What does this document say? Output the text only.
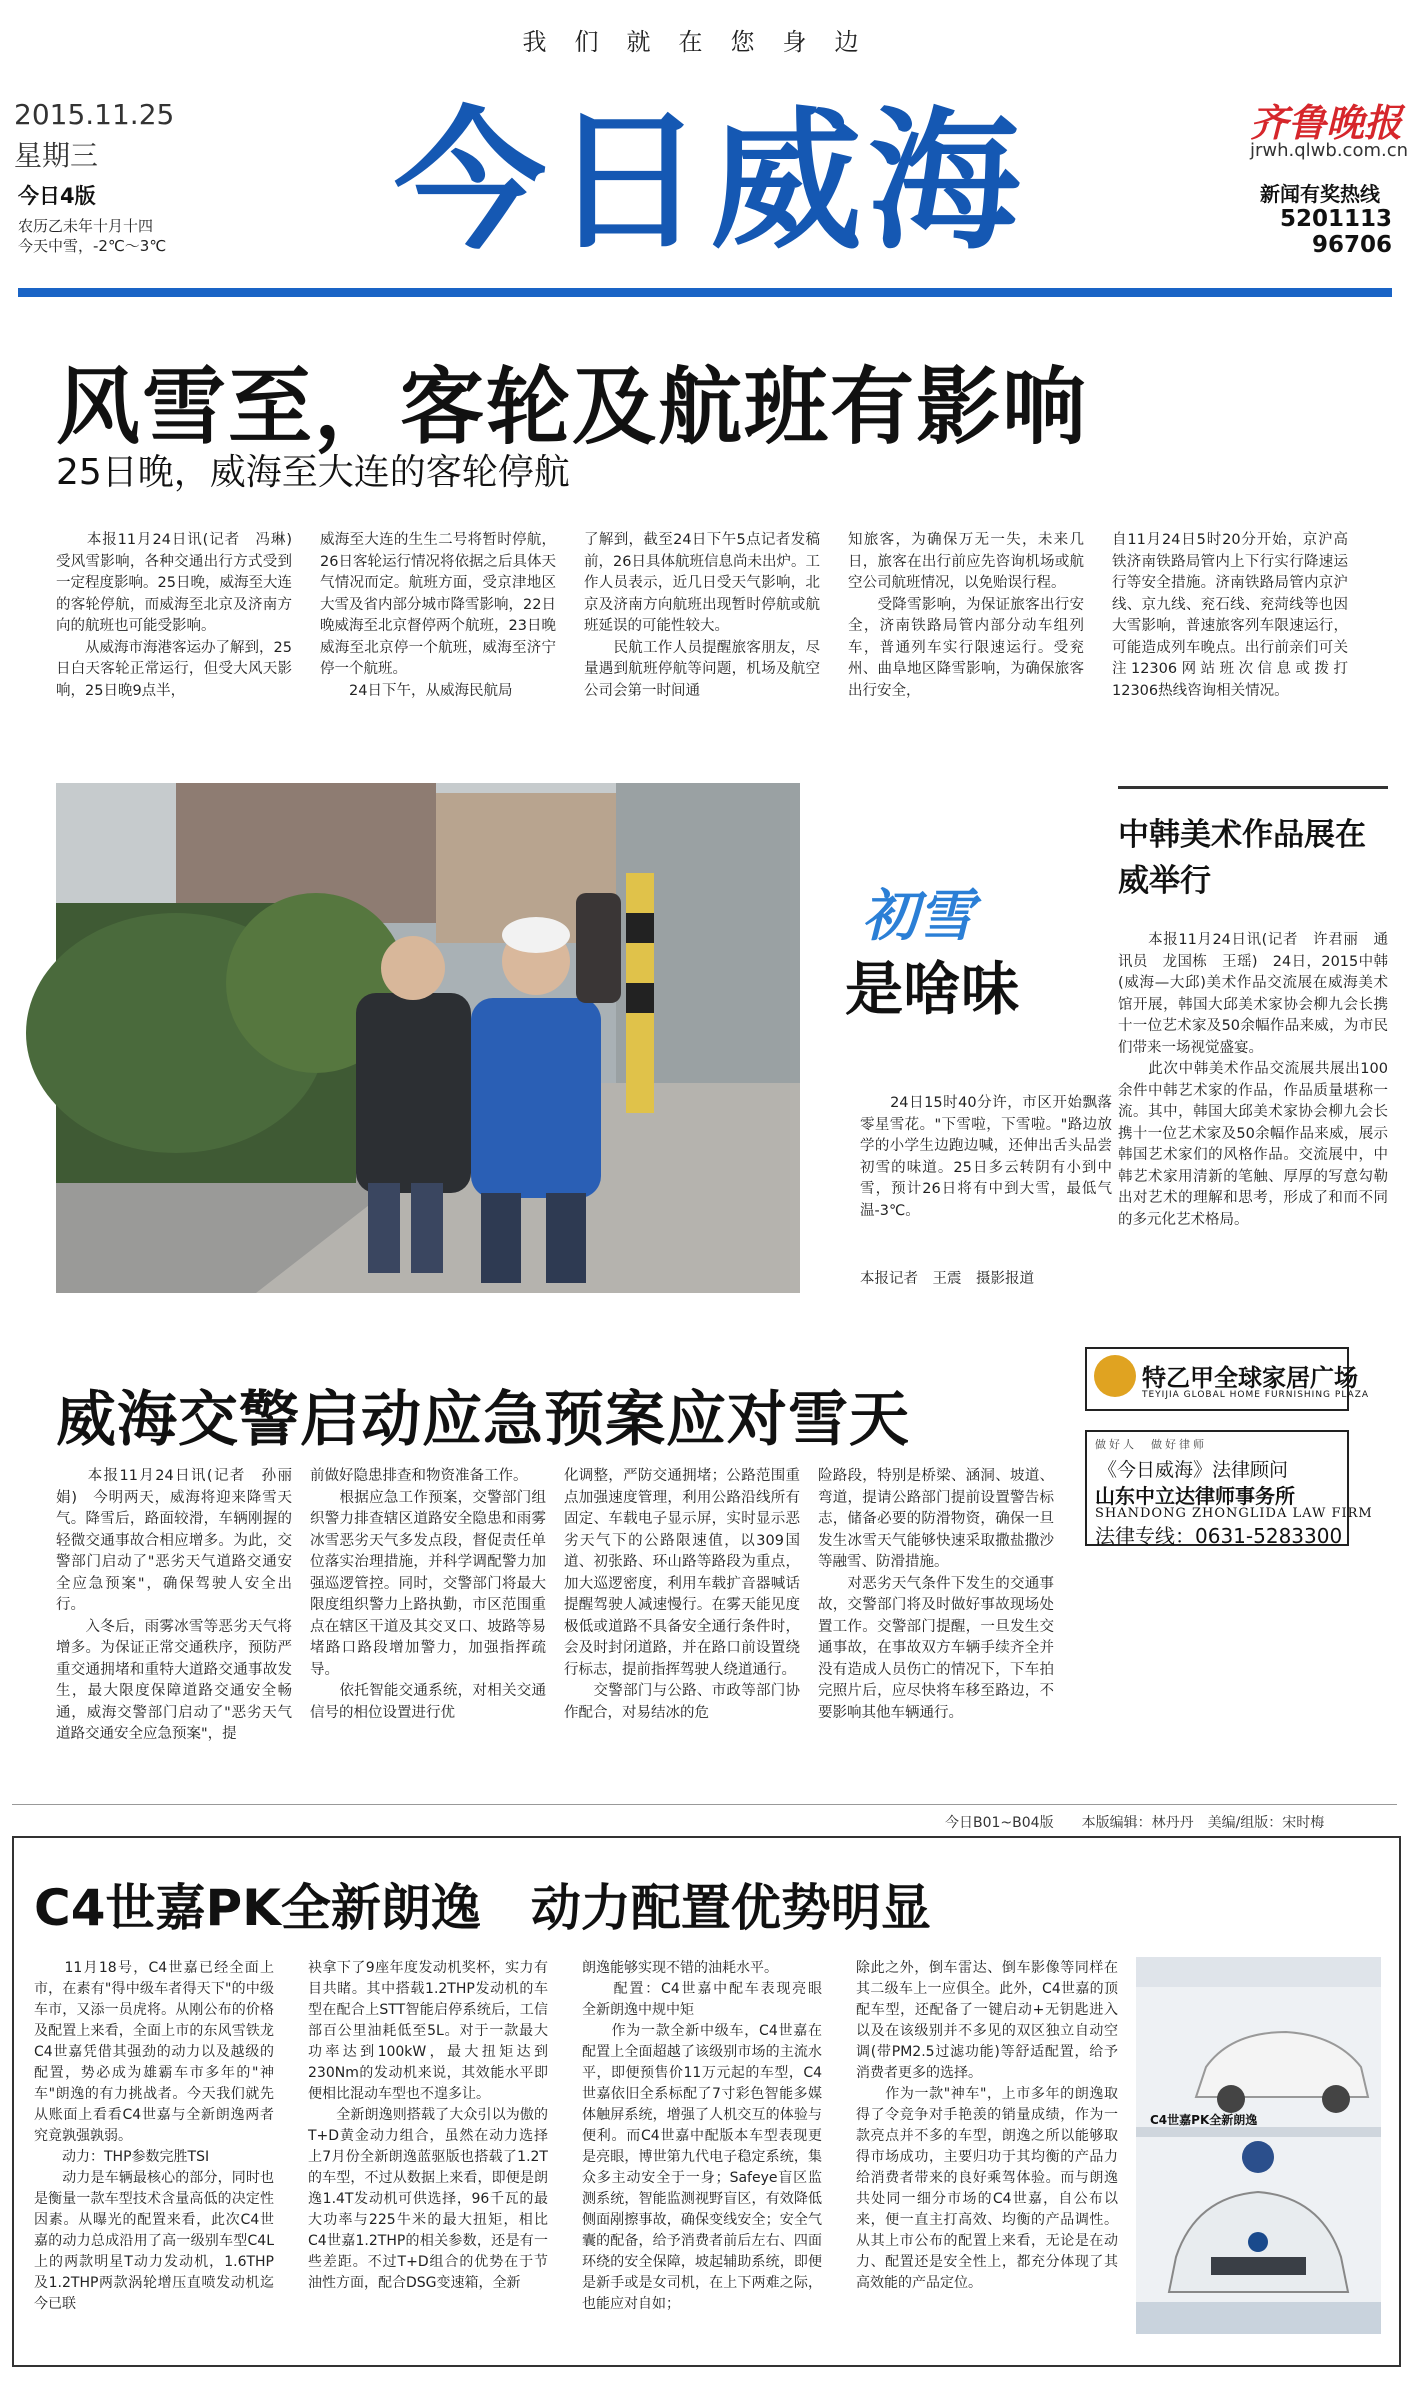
我们就在您身边
2015.11.25
星期三
今日4版
农历乙未年十月十四
今天中雪，-2℃～3℃ 今日威海	齐鲁晚报
jrwh.qlwb.com.cn
新闻有奖热线
5201113
96706
风雪至，客轮及航班有影响
25日晚，威海至大连的客轮停航
　　本报11月24日讯(记者　冯琳)　受风雪影响，各种交通出行方式受到一定程度影响。25日晚，威海至大连的客轮停航，而威海至北京及济南方向的航班也可能受影响。
　　从威海市海港客运办了解到，25日白天客轮正常运行，但受大风天影响，25日晚9点半，
威海至大连的生生二号将暂时停航，26日客轮运行情况将依据之后具体天气情况而定。航班方面，受京津地区大雪及省内部分城市降雪影响，22日晚威海至北京督停两个航班，23日晚威海至北京停一个航班，威海至济宁停一个航班。
　　24日下午，从威海民航局
了解到，截至24日下午5点记者发稿前，26日具体航班信息尚未出炉。工作人员表示，近几日受天气影响，北京及济南方向航班出现暂时停航或航班延误的可能性较大。
　　民航工作人员提醒旅客朋友，尽量遇到航班停航等问题，机场及航空公司会第一时间通
知旅客，为确保万无一失，未来几日，旅客在出行前应先咨询机场或航空公司航班情况，以免贻误行程。
　　受降雪影响，为保证旅客出行安全，济南铁路局管内部分动车组列车，普通列车实行限速运行。受兖州、曲阜地区降雪影响，为确保旅客出行安全，
自11月24日5时20分开始，京沪高铁济南铁路局管内上下行实行降速运行等安全措施。济南铁路局管内京沪线、京九线、兖石线、兖菏线等也因大雪影响，普速旅客列车限速运行，可能造成列车晚点。出行前亲们可关注12306网站班次信息或拨打12306热线咨询相关情况。
初雪
是啥味

　　24日15时40分许，市区开始飘落零星雪花。"下雪啦，下雪啦。"路边放学的小学生边跑边喊，还伸出舌头品尝初雪的味道。25日多云转阴有小到中雪，预计26日将有中到大雪，最低气温-3℃。

本报记者　王震　摄影报道

中韩美术作品展在威举行
　　本报11月24日讯(记者　许君丽　通讯员　龙国栋　王瑶)　24日，2015中韩(威海—大邱)美术作品交流展在威海美术馆开展，韩国大邱美术家协会柳九会长携十一位艺术家及50余幅作品来威，为市民们带来一场视觉盛宴。
　　此次中韩美术作品交流展共展出100余件中韩艺术家的作品，作品质量堪称一流。其中，韩国大邱美术家协会柳九会长携十一位艺术家及50余幅作品来威，展示韩国艺术家们的风格作品。交流展中，中韩艺术家用清新的笔触、厚厚的写意勾勒出对艺术的理解和思考，形成了和而不同的多元化艺术格局。
威海交警启动应急预案应对雪天
　　本报11月24日讯(记者　孙丽娟)　今明两天，威海将迎来降雪天气。降雪后，路面较滑，车辆刚握的轻微交通事故合相应增多。为此，交警部门启动了"恶劣天气道路交通安全应急预案"，确保驾驶人安全出行。
　　入冬后，雨雾冰雪等恶劣天气将增多。为保证正常交通秩序，预防严重交通拥堵和重特大道路交通事故发生，最大限度保障道路交通安全畅通，威海交警部门启动了"恶劣天气道路交通安全应急预案"，提
前做好隐患排查和物资准备工作。
　　根据应急工作预案，交警部门组织警力排查辖区道路安全隐患和雨雾冰雪恶劣天气多发点段，督促责任单位落实治理措施，并科学调配警力加强巡逻管控。同时，交警部门将最大限度组织警力上路执勤，市区范围重点在辖区干道及其交叉口、坡路等易堵路口路段增加警力，加强指挥疏导。
　　依托智能交通系统，对相关交通信号的相位设置进行优
化调整，严防交通拥堵；公路范围重点加强速度管理，利用公路沿线所有固定、车载电子显示屏，实时显示恶劣天气下的公路限速值，以309国道、初张路、环山路等路段为重点，加大巡逻密度，利用车载扩音器喊话提醒驾驶人减速慢行。在雾天能见度极低或道路不具备安全通行条件时，会及时封闭道路，并在路口前设置绕行标志，提前指挥驾驶人绕道通行。
　　交警部门与公路、市政等部门协作配合，对易结冰的危
险路段，特别是桥梁、涵洞、坡道、弯道，提请公路部门提前设置警告标志，储备必要的防滑物资，确保一旦发生冰雪天气能够快速采取撒盐撒沙等融雪、防滑措施。
　　对恶劣天气条件下发生的交通事故，交警部门将及时做好事故现场处置工作。交警部门提醒，一旦发生交通事故，在事故双方车辆手续齐全并没有造成人员伤亡的情况下，下车拍完照片后，应尽快将车移至路边，不要影响其他车辆通行。
特乙甲全球家居广场
TEYIJIA GLOBAL HOME FURNISHING PLAZA
做好人　做好律师
《今日威海》法律顾问
山东中立达律师事务所
SHANDONG ZHONGLIDA LAW FIRM
法律专线：0631-5283300
今日B01~B04版　　本版编辑：林丹丹　美编/组版：宋时梅
C4世嘉PK全新朗逸　动力配置优势明显
　　11月18号，C4世嘉已经全面上市，在素有"得中级车者得天下"的中级车市，又添一员虎将。从刚公布的价格及配置上来看，全面上市的东风雪铁龙C4世嘉凭借其强劲的动力以及越级的配置，势必成为雄霸车市多年的"神车"朗逸的有力挑战者。今天我们就先从账面上看看C4世嘉与全新朗逸两者究竟孰强孰弱。
　　动力：THP参数完胜TSI
　　动力是车辆最核心的部分，同时也是衡量一款车型技术含量高低的决定性因素。从曝光的配置来看，此次C4世嘉的动力总成沿用了高一级别车型C4L上的两款明星T动力发动机，1.6THP及1.2THP两款涡轮增压直喷发动机迄今已联
袂拿下了9座年度发动机奖杯，实力有目共睹。其中搭载1.2THP发动机的车型在配合上STT智能启停系统后，工信部百公里油耗低至5L。对于一款最大功率达到100kW，最大扭矩达到230Nm的发动机来说，其效能水平即便相比混动车型也不遑多让。
　　全新朗逸则搭载了大众引以为傲的T+D黄金动力组合，虽然在动力选择上7月份全新朗逸蓝驱版也搭载了1.2T的车型，不过从数据上来看，即便是朗逸1.4T发动机可供选择，96千瓦的最大功率与225牛米的最大扭矩，相比C4世嘉1.2THP的相关参数，还是有一些差距。不过T+D组合的优势在于节油性方面，配合DSG变速箱，全新
朗逸能够实现不错的油耗水平。
　　配置：C4世嘉中配车表现亮眼　全新朗逸中规中矩
　　作为一款全新中级车，C4世嘉在配置上全面超越了该级别市场的主流水平，即便预售价11万元起的车型，C4世嘉依旧全系标配了7寸彩色智能多媒体触屏系统，增强了人机交互的体验与便利。而C4世嘉中配版本车型表现更是亮眼，博世第九代电子稳定系统，集众多主动安全于一身；Safeye盲区监测系统，智能监测视野盲区，有效降低侧面剐擦事故，确保变线安全；安全气囊的配备，给予消费者前后左右、四面环绕的安全保障，坡起辅助系统，即便是新手或是女司机，在上下两难之际，也能应对自如；
除此之外，倒车雷达、倒车影像等同样在其二级车上一应俱全。此外，C4世嘉的顶配车型，还配备了一键启动+无钥匙进入以及在该级别并不多见的双区独立自动空调(带PM2.5过滤功能)等舒适配置，给予消费者更多的选择。
　　作为一款"神车"，上市多年的朗逸取得了令竞争对手艳羡的销量成绩，作为一款亮点并不多的车型，朗逸之所以能够取得市场成功，主要归功于其均衡的产品力给消费者带来的良好乘驾体验。而与朗逸共处同一细分市场的C4世嘉，自公布以来，便一直主打高效、均衡的产品调性。从其上市公布的配置上来看，无论是在动力、配置还是安全性上，都充分体现了其高效能的产品定位。
C4世嘉PK全新朗逸
